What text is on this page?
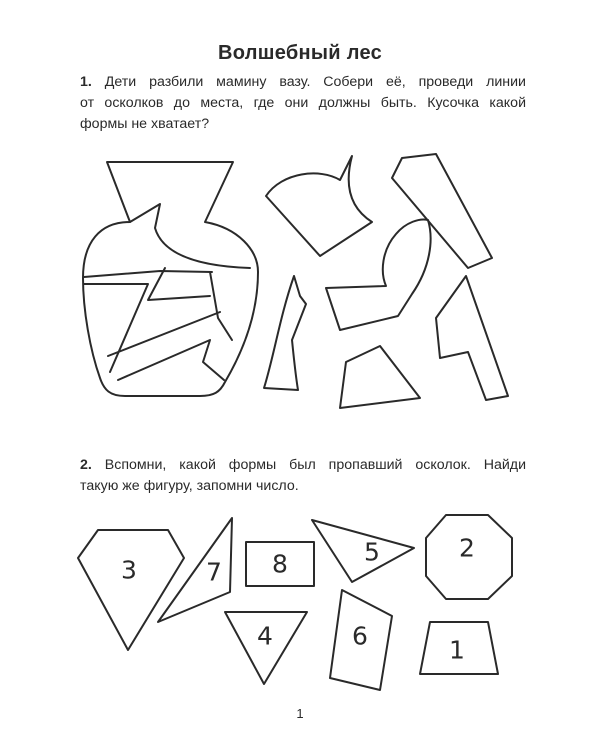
Волшебный лес
1. Дети разбили мамину вазу. Собери её, проведи линии
от осколков до места, где они должны быть. Кусочка какой
формы не хватает?
3	7 8	5	2
4	6	1
2. Вспомни, какой формы был пропавший осколок. Найди
такую же фигуру, запомни число.
1
